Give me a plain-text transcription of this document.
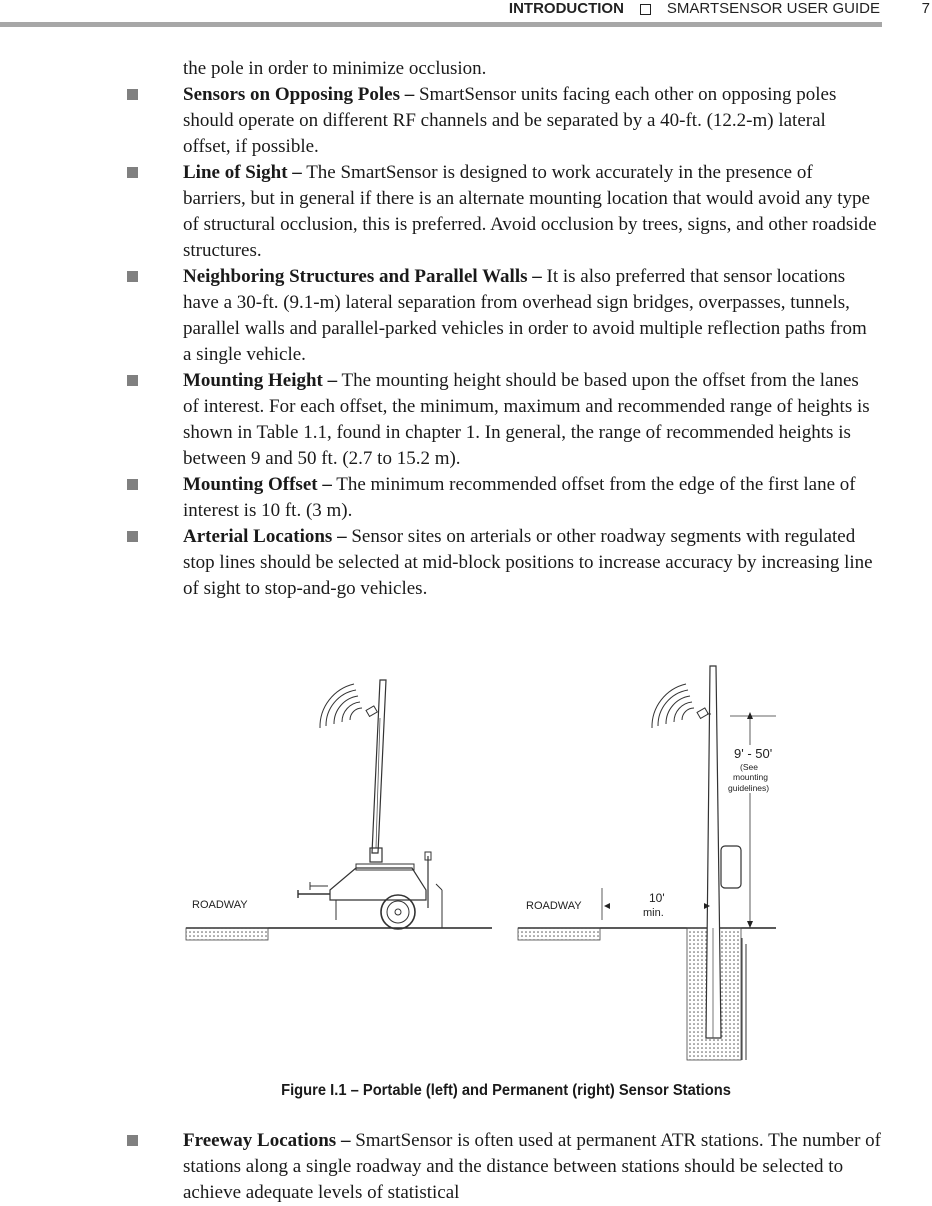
INTRODUCTION	SMARTSENSOR USER GUIDE	7

the pole in order to minimize occlusion.

Sensors on Opposing Poles – SmartSensor units facing each other on opposing poles should operate on different RF channels and be separated by a 40-ft. (12.2-m) lateral offset, if possible.
Line of Sight – The SmartSensor is designed to work accurately in the presence of barriers, but in general if there is an alternate mounting location that would avoid any type of structural occlusion, this is preferred. Avoid occlusion by trees, signs, and other roadside structures.
Neighboring Structures and Parallel Walls – It is also preferred that sensor locations have a 30-ft. (9.1-m) lateral separation from overhead sign bridges, overpasses, tunnels, parallel walls and parallel-parked vehicles in order to avoid multiple reflection paths from a single vehicle.
Mounting Height – The mounting height should be based upon the offset from the lanes of interest. For each offset, the minimum, maximum and recommended range of heights is shown in Table 1.1, found in chapter 1. In general, the range of recommended heights is between 9 and 50 ft. (2.7 to 15.2 m).
Mounting Offset – The minimum recommended offset from the edge of the first lane of interest is 10 ft. (3 m).
Arterial Locations – Sensor sites on arterials or other roadway segments with regulated stop lines should be selected at mid-block positions to increase accuracy by increasing line of sight to stop-and-go vehicles.
ROADWAY	ROADWAY
9' - 50'
(See
mounting
guidelines)
10'
min.
Figure I.1 – Portable (left) and Permanent (right) Sensor Stations
Freeway Locations – SmartSensor is often used at permanent ATR stations. The number of stations along a single roadway and the distance between stations should be selected to achieve adequate levels of statistical
